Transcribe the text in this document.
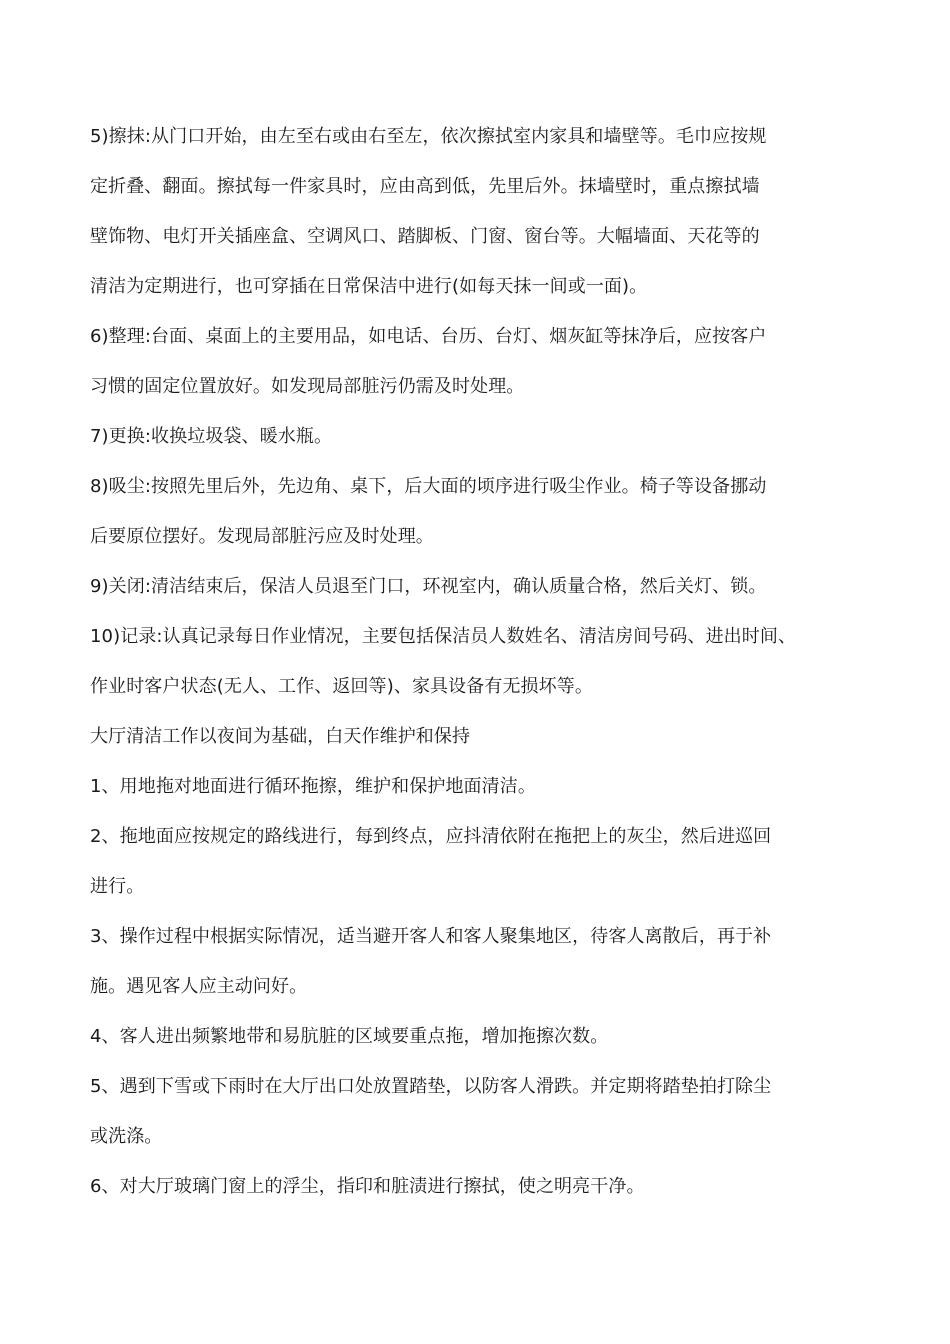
5)擦抹:从门口开始，由左至右或由右至左，依次擦拭室内家具和墙壁等。毛巾应按规
定折叠、翻面。擦拭每一件家具时，应由高到低，先里后外。抹墙壁时，重点擦拭墙
壁饰物、电灯开关插座盒、空调风口、踏脚板、门窗、窗台等。大幅墙面、天花等的
清洁为定期进行，也可穿插在日常保洁中进行(如每天抹一间或一面)。
6)整理:台面、桌面上的主要用品，如电话、台历、台灯、烟灰缸等抹净后，应按客户
习惯的固定位置放好。如发现局部脏污仍需及时处理。
7)更换:收换垃圾袋、暖水瓶。
8)吸尘:按照先里后外，先边角、桌下，后大面的顷序进行吸尘作业。椅子等设备挪动
后要原位摆好。发现局部脏污应及时处理。
9)关闭:清洁结束后，保洁人员退至门口，环视室内，确认质量合格，然后关灯、锁。
10)记录:认真记录每日作业情况，主要包括保洁员人数姓名、清洁房间号码、进出时间、
作业时客户状态(无人、工作、返回等)、家具设备有无损坏等。
大厅清洁工作以夜间为基础，白天作维护和保持
1、用地拖对地面进行循环拖擦，维护和保护地面清洁。
2、拖地面应按规定的路线进行，每到终点，应抖清依附在拖把上的灰尘，然后进巡回
进行。
3、操作过程中根据实际情况，适当避开客人和客人聚集地区，待客人离散后，再于补
施。遇见客人应主动问好。
4、客人进出频繁地带和易肮脏的区域要重点拖，增加拖擦次数。
5、遇到下雪或下雨时在大厅出口处放置踏垫，以防客人滑跌。并定期将踏垫拍打除尘
或洗涤。
6、对大厅玻璃门窗上的浮尘，指印和脏渍进行擦拭，使之明亮干净。
